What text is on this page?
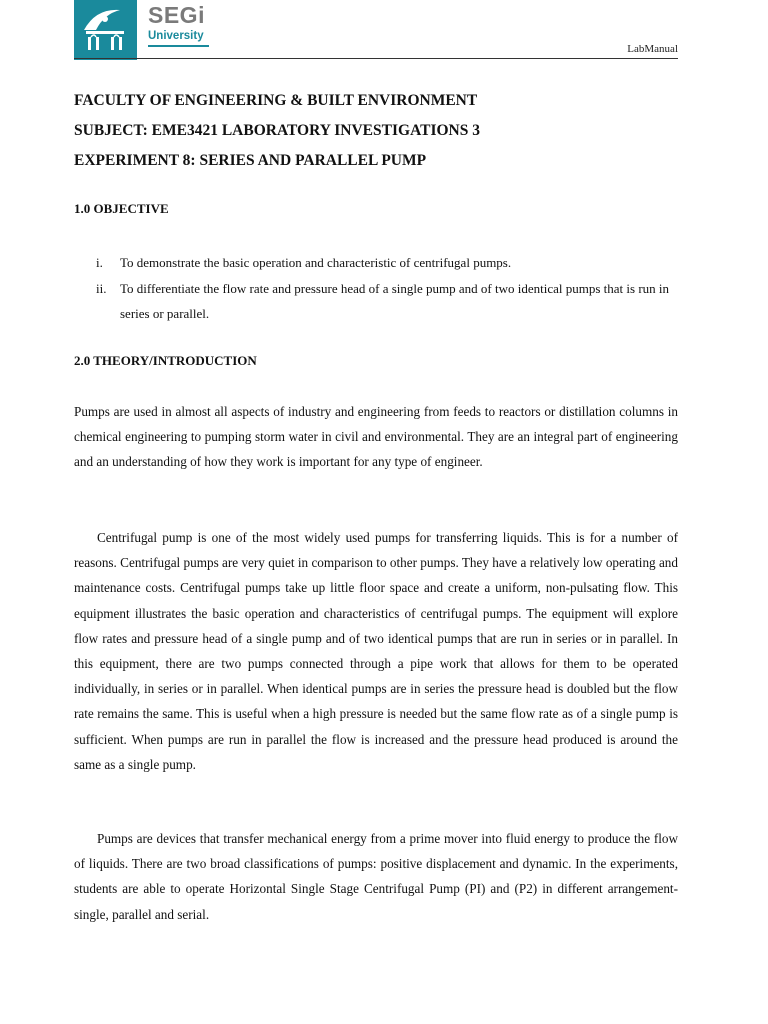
SEGi
University
LabManual
FACULTY OF ENGINEERING & BUILT ENVIRONMENT
SUBJECT: EME3421 LABORATORY INVESTIGATIONS 3
EXPERIMENT 8: SERIES AND PARALLEL PUMP
1.0 OBJECTIVE
i.	To demonstrate the basic operation and characteristic of centrifugal pumps.
ii.	To differentiate the flow rate and pressure head of a single pump and of two identical pumps that is run in series or parallel.
2.0 THEORY/INTRODUCTION
Pumps are used in almost all aspects of industry and engineering from feeds to reactors or distillation columns in chemical engineering to pumping storm water in civil and environmental. They are an integral part of engineering and an understanding of how they work is important for any type of engineer.
Centrifugal pump is one of the most widely used pumps for transferring liquids. This is for a number of reasons. Centrifugal pumps are very quiet in comparison to other pumps. They have a relatively low operating and maintenance costs. Centrifugal pumps take up little floor space and create a uniform, non-pulsating flow. This equipment illustrates the basic operation and characteristics of centrifugal pumps. The equipment will explore flow rates and pressure head of a single pump and of two identical pumps that are run in series or in parallel. In this equipment, there are two pumps connected through a pipe work that allows for them to be operated individually, in series or in parallel. When identical pumps are in series the pressure head is doubled but the flow rate remains the same. This is useful when a high pressure is needed but the same flow rate as of a single pump is sufficient. When pumps are run in parallel the flow is increased and the pressure head produced is around the same as a single pump.
Pumps are devices that transfer mechanical energy from a prime mover into fluid energy to produce the flow of liquids. There are two broad classifications of pumps: positive displacement and dynamic. In the experiments, students are able to operate Horizontal Single Stage Centrifugal Pump (PI) and (P2) in different arrangement-single, parallel and serial.
